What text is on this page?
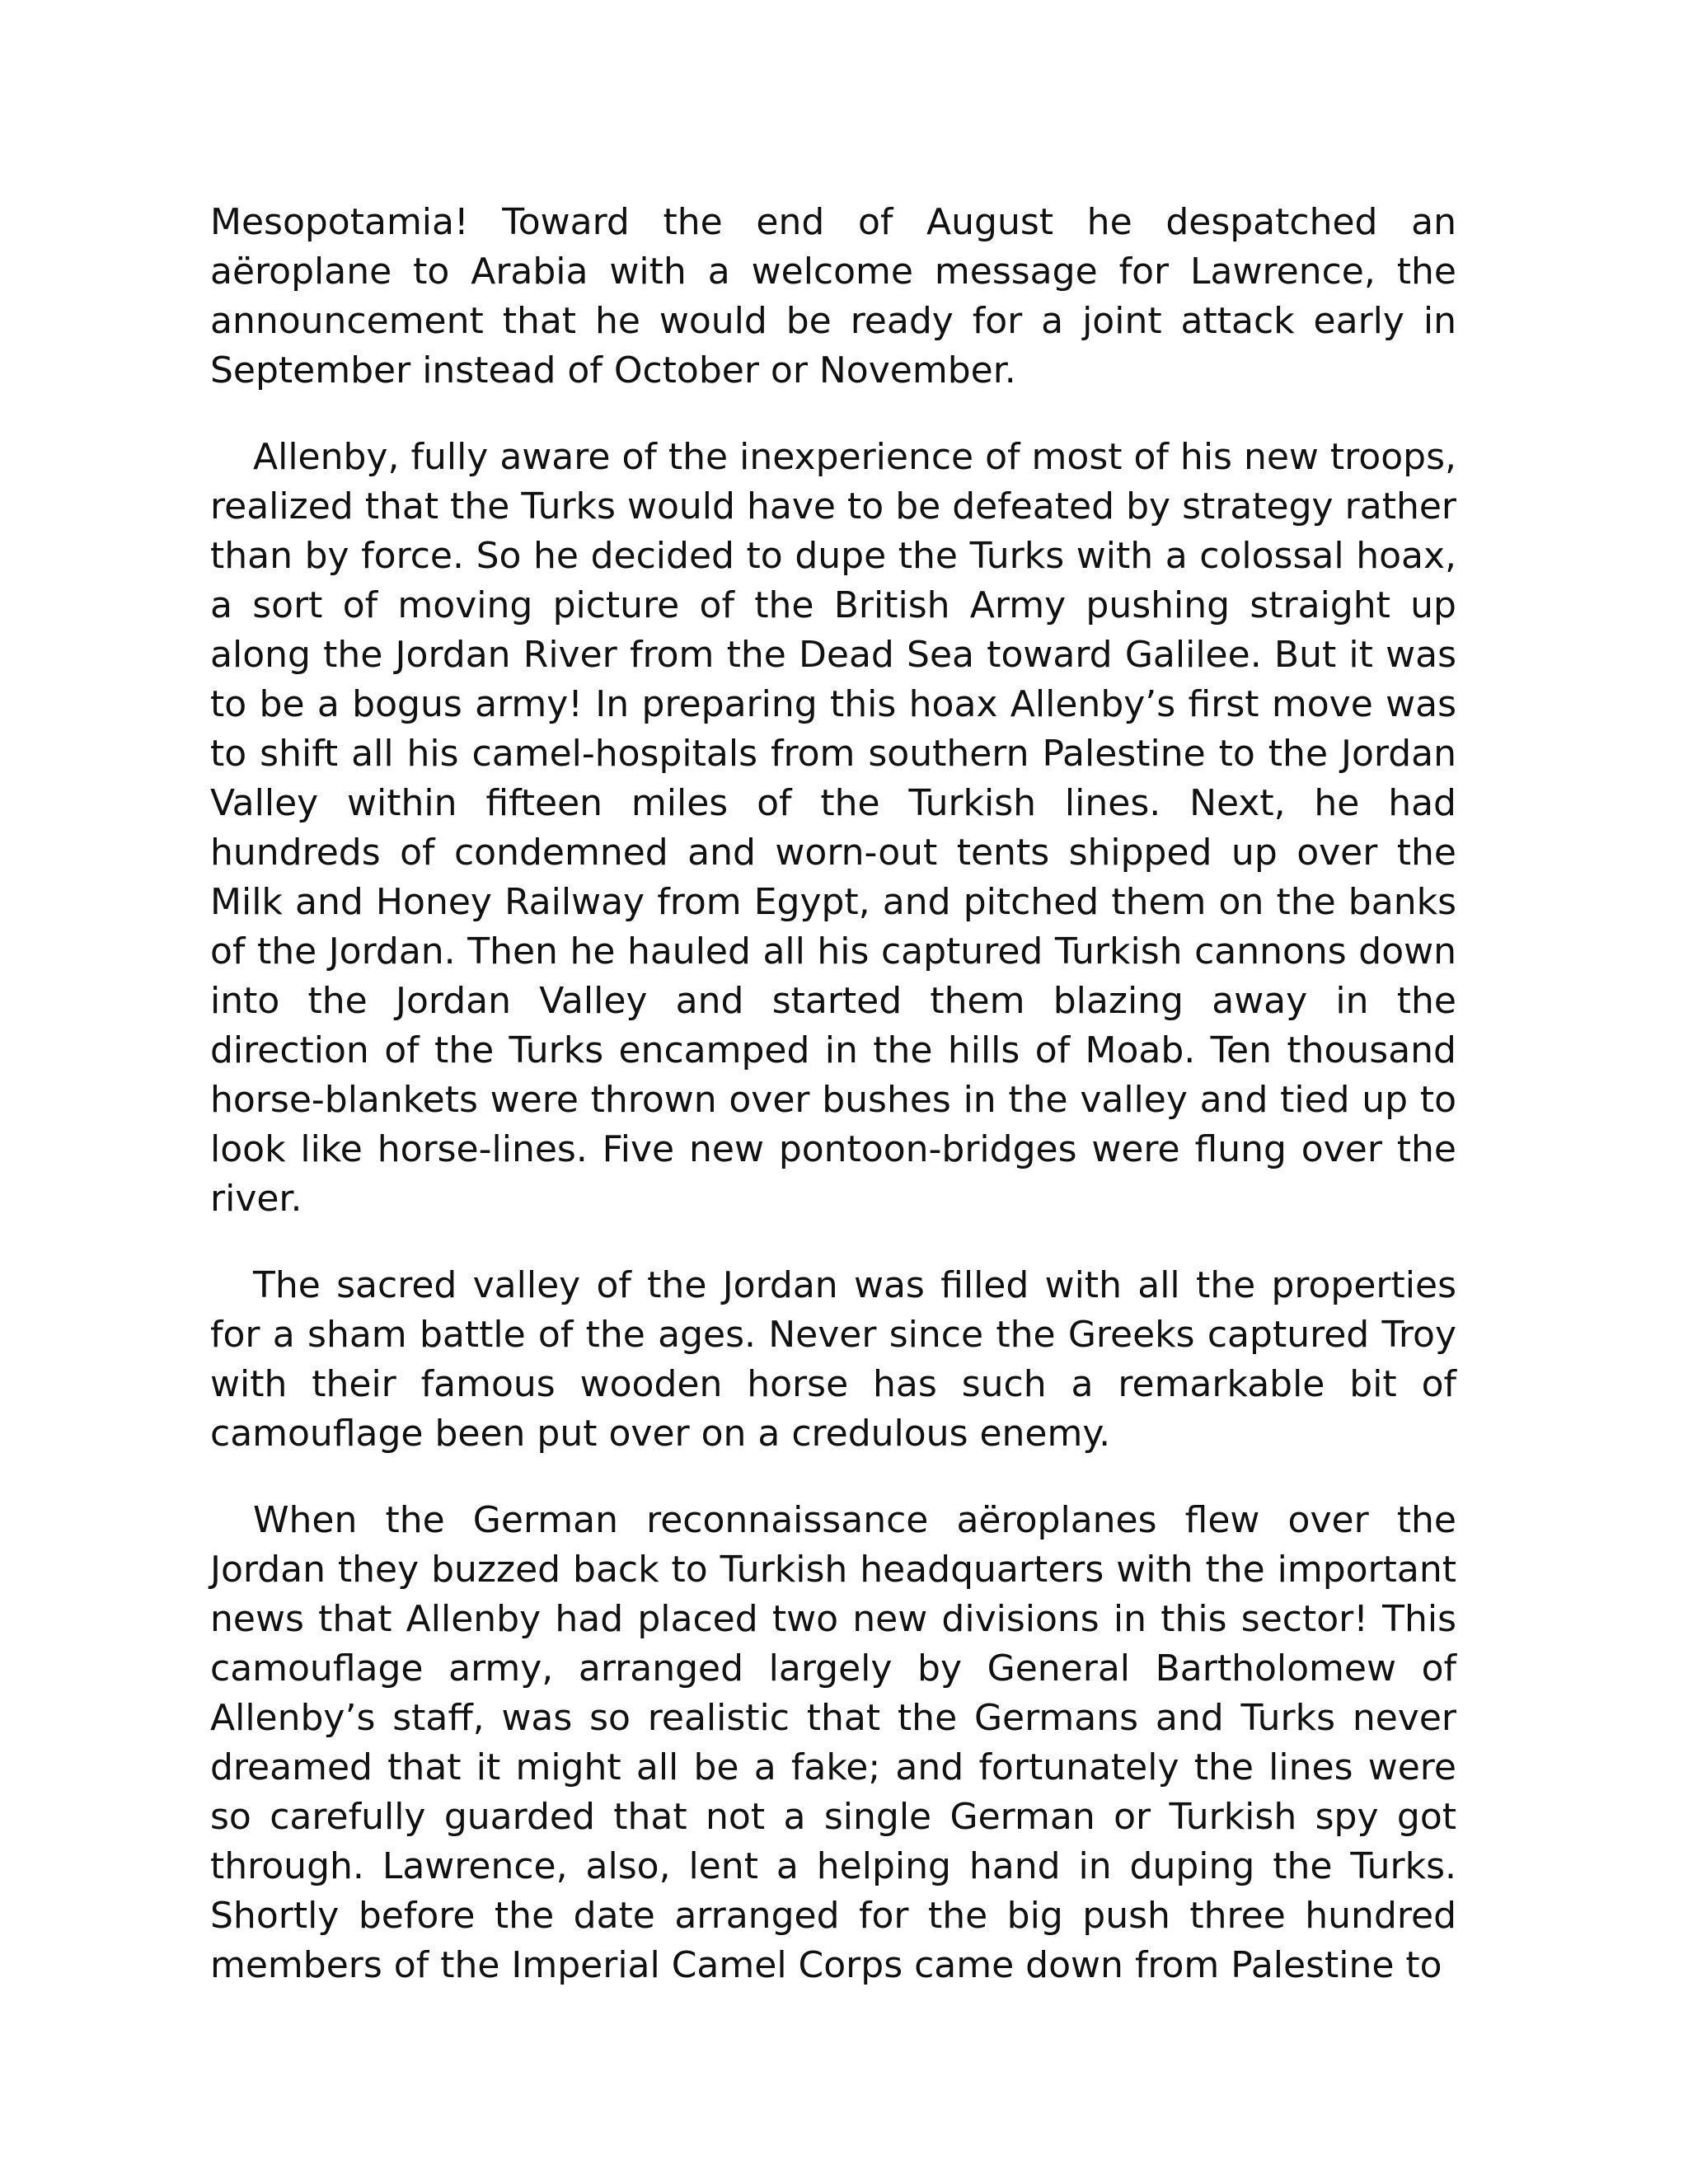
Mesopotamia! Toward the end of August he despatched an aëroplane to Arabia with a welcome message for Lawrence, the announcement that he would be ready for a joint attack early in September instead of October or November.

Allenby, fully aware of the inexperience of most of his new troops, realized that the Turks would have to be defeated by strategy rather than by force. So he decided to dupe the Turks with a colossal hoax, a sort of moving picture of the British Army pushing straight up along the Jordan River from the Dead Sea toward Galilee. But it was to be a bogus army! In preparing this hoax Allenby’s first move was to shift all his camel-hospitals from southern Palestine to the Jordan Valley within fifteen miles of the Turkish lines. Next, he had hundreds of condemned and worn-out tents shipped up over the Milk and Honey Railway from Egypt, and pitched them on the banks of the Jordan. Then he hauled all his captured Turkish cannons down into the Jordan Valley and started them blazing away in the direction of the Turks encamped in the hills of Moab. Ten thousand horse-blankets were thrown over bushes in the valley and tied up to look like horse-lines. Five new pontoon-bridges were flung over the river.

The sacred valley of the Jordan was filled with all the properties for a sham battle of the ages. Never since the Greeks captured Troy with their famous wooden horse has such a remarkable bit of camouflage been put over on a credulous enemy.

When the German reconnaissance aëroplanes flew over the Jordan they buzzed back to Turkish headquarters with the important news that Allenby had placed two new divisions in this sector! This camouflage army, arranged largely by General Bartholomew of Allenby’s staff, was so realistic that the Germans and Turks never dreamed that it might all be a fake; and fortunately the lines were so carefully guarded that not a single German or Turkish spy got through. Lawrence, also, lent a helping hand in duping the Turks. Shortly before the date arranged for the big push three hundred members of the Imperial Camel Corps came down from Palestine to
